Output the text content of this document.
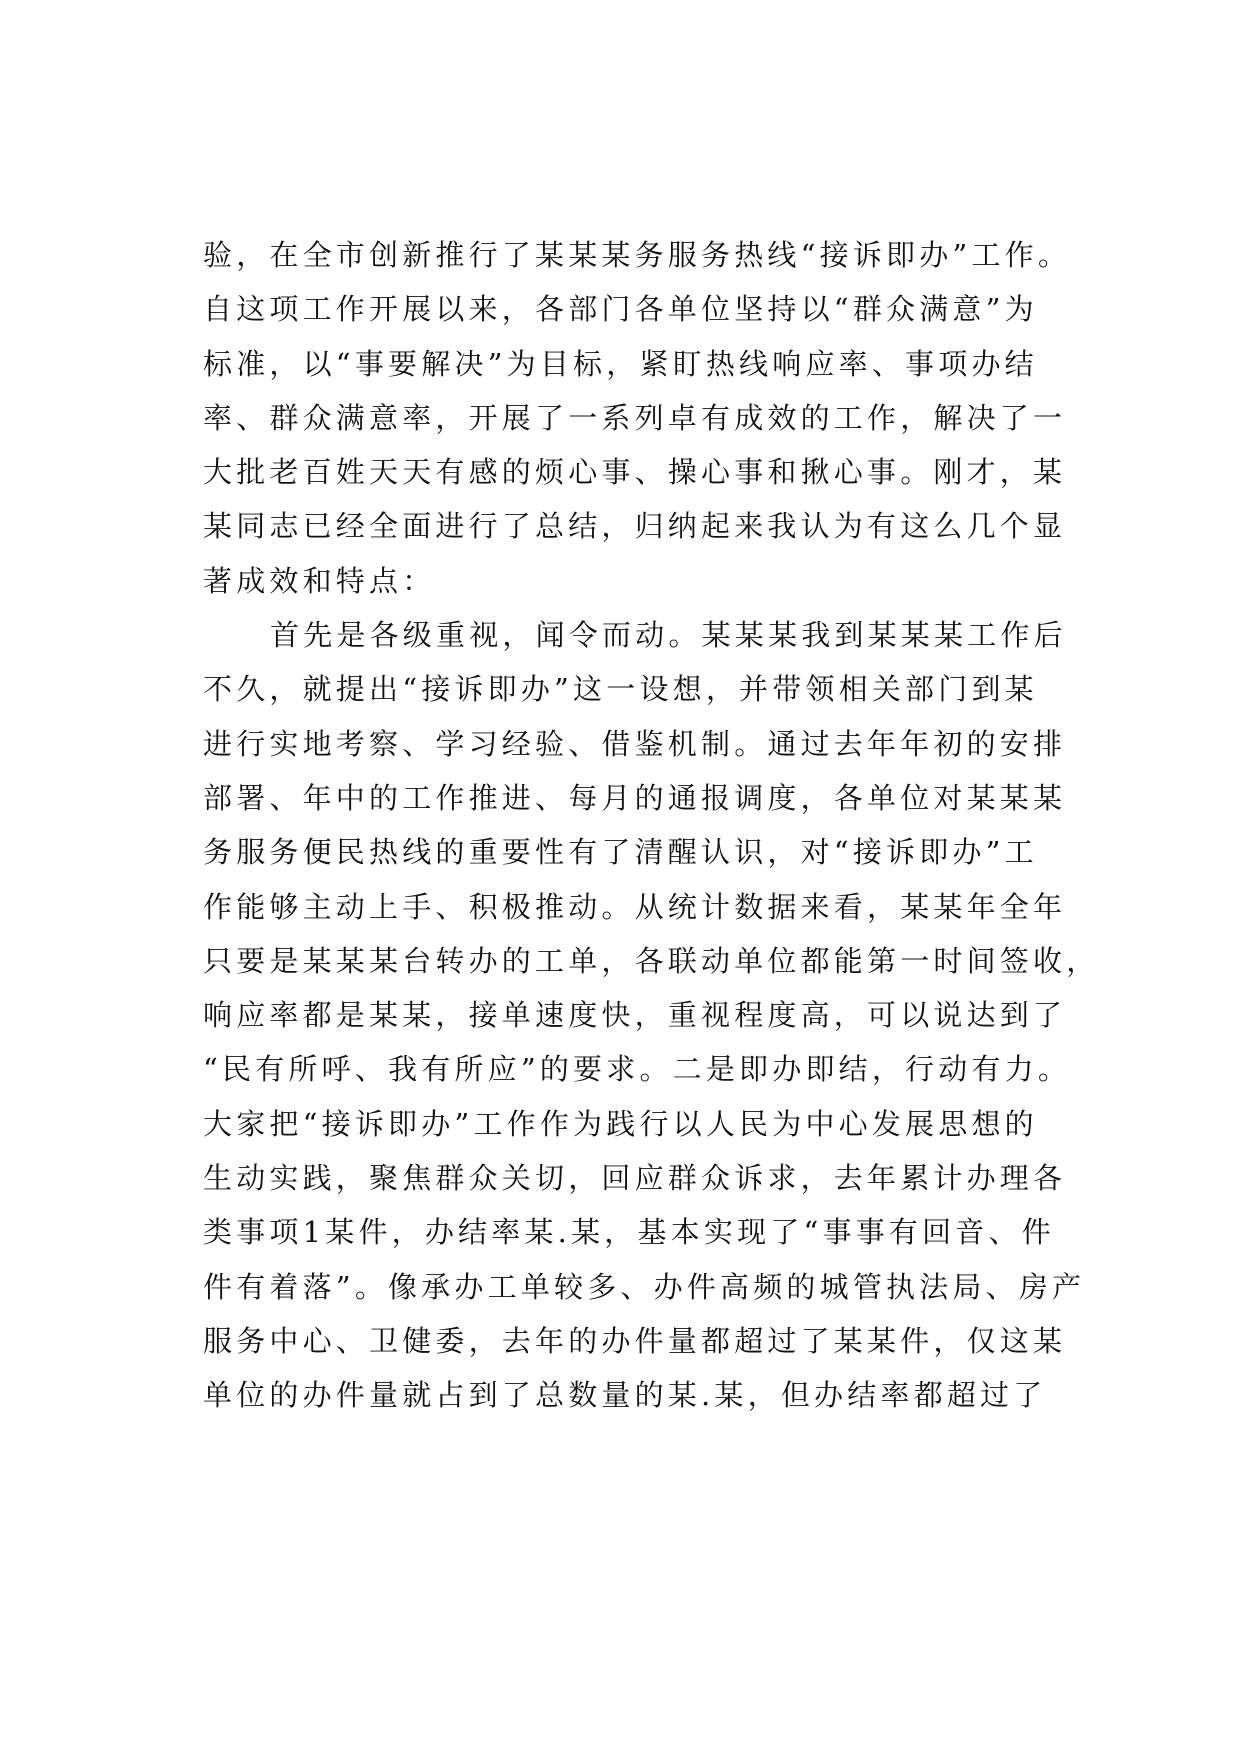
验，在全市创新推行了某某某务服务热线“接诉即办”工作。
自这项工作开展以来，各部门各单位坚持以“群众满意”为
标准，以“事要解决”为目标，紧盯热线响应率、事项办结
率、群众满意率，开展了一系列卓有成效的工作，解决了一
大批老百姓天天有感的烦心事、操心事和揪心事。刚才，某
某同志已经全面进行了总结，归纳起来我认为有这么几个显
著成效和特点：
首先是各级重视，闻令而动。某某某我到某某某工作后
不久，就提出“接诉即办”这一设想，并带领相关部门到某
进行实地考察、学习经验、借鉴机制。通过去年年初的安排
部署、年中的工作推进、每月的通报调度，各单位对某某某
务服务便民热线的重要性有了清醒认识，对“接诉即办”工
作能够主动上手、积极推动。从统计数据来看，某某年全年
只要是某某某台转办的工单，各联动单位都能第一时间签收，
响应率都是某某，接单速度快，重视程度高，可以说达到了
“民有所呼、我有所应”的要求。二是即办即结，行动有力。
大家把“接诉即办”工作作为践行以人民为中心发展思想的
生动实践，聚焦群众关切，回应群众诉求，去年累计办理各
类事项1某件，办结率某.某，基本实现了“事事有回音、件
件有着落”。像承办工单较多、办件高频的城管执法局、房产
服务中心、卫健委，去年的办件量都超过了某某件，仅这某
单位的办件量就占到了总数量的某.某，但办结率都超过了
